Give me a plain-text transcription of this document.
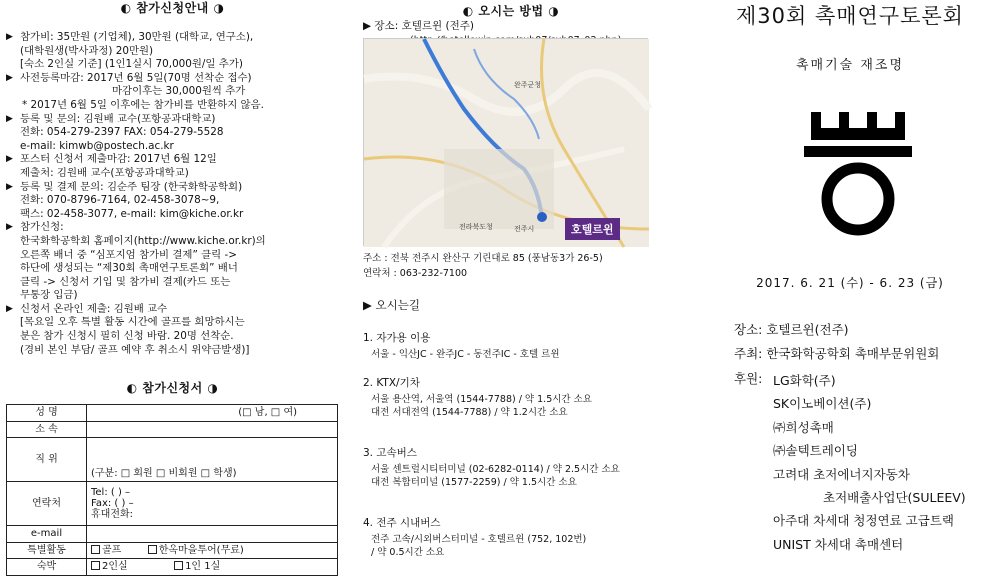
◐ 참가신청안내 ◑
▶ 참가비: 35만원 (기업체), 30만원 (대학교, 연구소),
(대학원생(박사과정) 20만원)
[숙소 2인실 기준] (1인1실시 70,000원/일 추가)
▶ 사전등록마감: 2017년 6월 5일(70명 선착순 접수)
마감이후는 30,000원씩 추가
* 2017년 6월 5일 이후에는 참가비를 반환하지 않음.
▶ 등록 및 문의: 김원배 교수(포항공과대학교)
전화: 054-279-2397 FAX: 054-279-5528
e-mail: kimwb@postech.ac.kr
▶ 포스터 신청서 제출마감: 2017년 6월 12일
제출처: 김원배 교수(포항공과대학교)
▶ 등록 및 결제 문의: 김순주 팀장 (한국화학공학회)
전화: 070-8796-7164, 02-458-3078~9,
팩스: 02-458-3077, e-mail: kim@kiche.or.kr
▶ 참가신청:
한국화학공학회 홈페이지(http://www.kiche.or.kr)의
오른쪽 배너 중 “심포지엄 참가비 결제” 클릭 ->
하단에 생성되는 “제30회 촉매연구토론회” 배너
클릭 -> 신청서 기입 및 참가비 결제(카드 또는
무통장 입금)
▶ 신청서 온라인 제출: 김원배 교수
[목요일 오후 특별 활동 시간에 골프를 희망하시는
분은 참가 신청시 필히 신청 바람. 20명 선착순.
(경비 본인 부담/ 골프 예약 후 취소시 위약금발생)]
◐ 참가신청서 ◑
성 명	(□ 남, □ 여)
소 속	
직 위	(구분: □ 회원 □ 비회원 □ 학생)
연락처	Tel: ( ) –
Fax: ( ) –
휴대전화:

e-mail	
특별활동	골프 한옥마을투어(무료)
숙박	2인실 1인 1실
◐ 오시는 방법 ◑
▶ 장소: 호텔르윈 (전주)
완주군청
전라북도청	전주시	호텔르윈
주소 : 전북 전주시 완산구 기린대로 85 (풍남동3가 26-5)
연락처 : 063-232-7100
▶ 오시는길
1. 자가용 이용
서울 - 익산JC - 완주JC - 동전주IC - 호텔 르윈
2. KTX/기차
서울 용산역, 서울역 (1544-7788) / 약 1.5시간 소요
대전 서대전역 (1544-7788) / 약 1.2시간 소요
3. 고속버스
서울 센트럴시티터미널 (02-6282-0114) / 약 2.5시간 소요
대전 복합터미널 (1577-2259) / 약 1.5시간 소요
4. 전주 시내버스
전주 고속/시외버스터미널 - 호텔르윈 (752, 102번)
/ 약 0.5시간 소요
제30회 촉매연구토론회
촉매기술 재조명
2017. 6. 21 (수) - 6. 23 (금)
장소: 호텔르윈(전주)
주최: 한국화학공학회 촉매부문위원회
후원: LG화학(주)
SK이노베이션(주)
㈜희성촉매
㈜솔텍트레이딩
고려대 초저에너지자동차
초저배출사업단(SULEEV)
아주대 차세대 청정연료 고급트랙
UNIST 차세대 촉매센터
